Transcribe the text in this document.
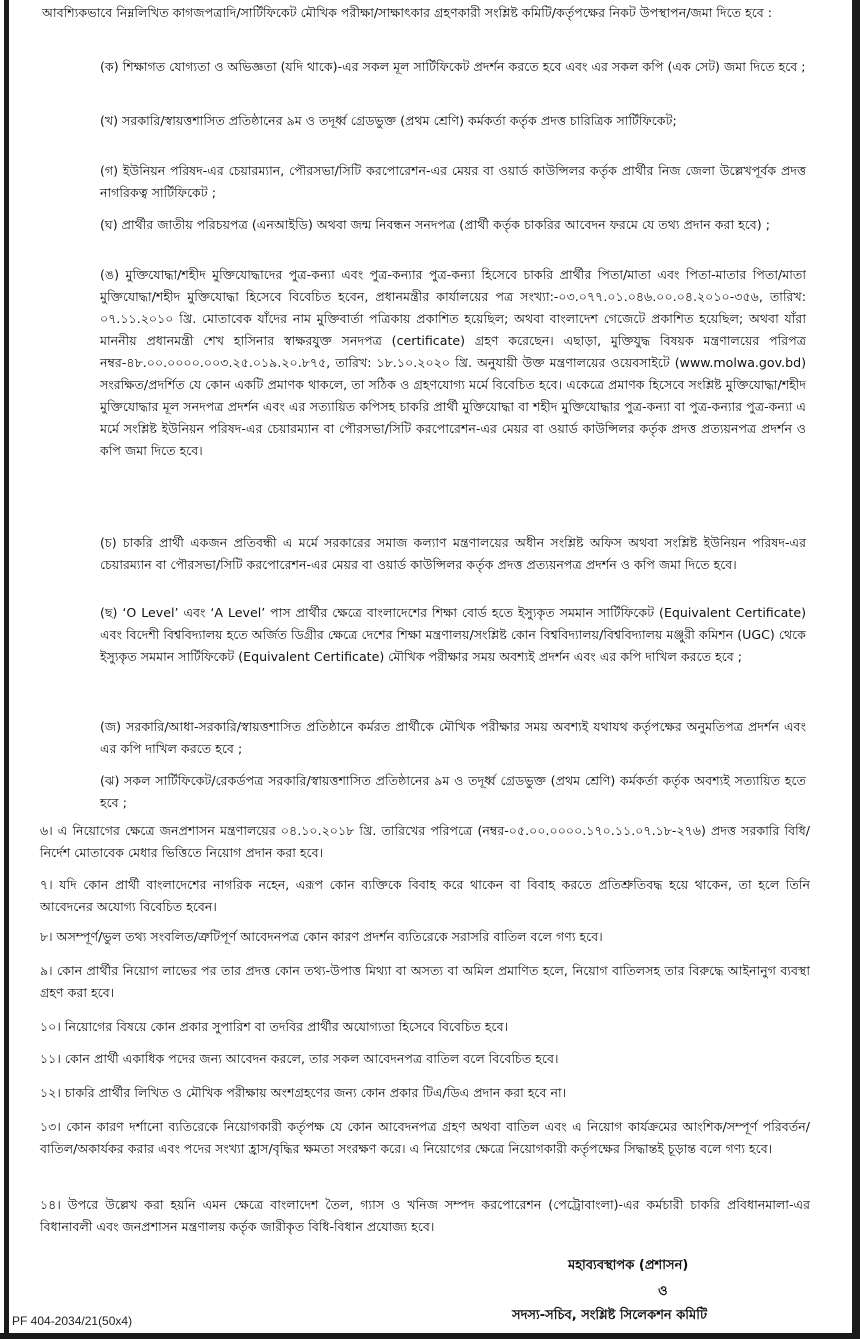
আবশ্যিকভাবে নিম্নলিখিত কাগজপত্রাদি/সার্টিফিকেট মৌখিক পরীক্ষা/সাক্ষাৎকার গ্রহণকারী সংশ্লিষ্ট কমিটি/কর্তৃপক্ষের নিকট উপস্থাপন/জমা দিতে হবে :

(ক) শিক্ষাগত যোগ্যতা ও অভিজ্ঞতা (যদি থাকে)-এর সকল মূল সার্টিফিকেট প্রদর্শন করতে হবে এবং এর সকল কপি (এক সেট) জমা দিতে হবে ;

(খ) সরকারি/স্বায়ত্তশাসিত প্রতিষ্ঠানের ৯ম ও তদূর্ধ্ব গ্রেডভুক্ত (প্রথম শ্রেণি) কর্মকর্তা কর্তৃক প্রদত্ত চারিত্রিক সার্টিফিকেট;

(গ) ইউনিয়ন পরিষদ-এর চেয়ারম্যান, পৌরসভা/সিটি করপোরেশন-এর মেয়র বা ওয়ার্ড কাউন্সিলর কর্তৃক প্রার্থীর নিজ জেলা উল্লেখপূর্বক প্রদত্ত নাগরিকত্ব সার্টিফিকেট ;

(ঘ) প্রার্থীর জাতীয় পরিচয়পত্র (এনআইডি) অথবা জন্ম নিবন্ধন সনদপত্র (প্রার্থী কর্তৃক চাকরির আবেদন ফরমে যে তথ্য প্রদান করা হবে) ;

(ঙ) মুক্তিযোদ্ধা/শহীদ মুক্তিযোদ্ধাদের পুত্র-কন্যা এবং পুত্র-কন্যার পুত্র-কন্যা হিসেবে চাকরি প্রার্থীর পিতা/মাতা এবং পিতা-মাতার পিতা/মাতা মুক্তিযোদ্ধা/শহীদ মুক্তিযোদ্ধা হিসেবে বিবেচিত হবেন, প্রধানমন্ত্রীর কার্যালয়ের পত্র সংখ্যা:-০৩.০৭৭.০১.০৪৬.০০.০৪.২০১০-৩৫৬, তারিখ: ০৭.১১.২০১০ খ্রি. মোতাবেক যাঁদের নাম মুক্তিবার্তা পত্রিকায় প্রকাশিত হয়েছিল; অথবা বাংলাদেশ গেজেটে প্রকাশিত হয়েছিল; অথবা যাঁরা মাননীয় প্রধানমন্ত্রী শেখ হাসিনার স্বাক্ষরযুক্ত সনদপত্র (certificate) গ্রহণ করেছেন। এছাড়া, মুক্তিযুদ্ধ বিষয়ক মন্ত্রণালয়ের পরিপত্র নম্বর-৪৮.০০.০০০০.০০৩.২৫.০১৯.২০.৮৭৫, তারিখ: ১৮.১০.২০২০ খ্রি. অনুযায়ী উক্ত মন্ত্রণালয়ের ওয়েবসাইটে (www.molwa.gov.bd) সংরক্ষিত/প্রদর্শিত যে কোন একটি প্রমাণক থাকলে, তা সঠিক ও গ্রহণযোগ্য মর্মে বিবেচিত হবে। একেত্রে প্রমাণক হিসেবে সংশ্লিষ্ট মুক্তিযোদ্ধা/শহীদ মুক্তিযোদ্ধার মূল সনদপত্র প্রদর্শন এবং এর সত্যায়িত কপিসহ চাকরি প্রার্থী মুক্তিযোদ্ধা বা শহীদ মুক্তিযোদ্ধার পুত্র-কন্যা বা পুত্র-কন্যার পুত্র-কন্যা এ মর্মে সংশ্লিষ্ট ইউনিয়ন পরিষদ-এর চেয়ারম্যান বা পৌরসভা/সিটি করপোরেশন-এর মেয়র বা ওয়ার্ড কাউন্সিলর কর্তৃক প্রদত্ত প্রত্যয়নপত্র প্রদর্শন ও কপি জমা দিতে হবে।

(চ) চাকরি প্রার্থী একজন প্রতিবন্ধী এ মর্মে সরকারের সমাজ কল্যাণ মন্ত্রণালয়ের অধীন সংশ্লিষ্ট অফিস অথবা সংশ্লিষ্ট ইউনিয়ন পরিষদ-এর চেয়ারম্যান বা পৌরসভা/সিটি করপোরেশন-এর মেয়র বা ওয়ার্ড কাউন্সিলর কর্তৃক প্রদত্ত প্রত্যয়নপত্র প্রদর্শন ও কপি জমা দিতে হবে।

(ছ) ‘O Level’ এবং ‘A Level’ পাস প্রার্থীর ক্ষেত্রে বাংলাদেশের শিক্ষা বোর্ড হতে ইস্যুকৃত সমমান সার্টিফিকেট (Equivalent Certificate) এবং বিদেশী বিশ্ববিদ্যালয় হতে অর্জিত ডিগ্রীর ক্ষেত্রে দেশের শিক্ষা মন্ত্রণালয়/সংশ্লিষ্ট কোন বিশ্ববিদ্যালয়/বিশ্ববিদ্যালয় মঞ্জুরী কমিশন (UGC) থেকে ইস্যুকৃত সমমান সার্টিফিকেট (Equivalent Certificate) মৌখিক পরীক্ষার সময় অবশ্যই প্রদর্শন এবং এর কপি দাখিল করতে হবে ;

(জ) সরকারি/আধা-সরকারি/স্বায়ত্তশাসিত প্রতিষ্ঠানে কর্মরত প্রার্থীকে মৌখিক পরীক্ষার সময় অবশ্যই যথাযথ কর্তৃপক্ষের অনুমতিপত্র প্রদর্শন এবং এর কপি দাখিল করতে হবে ;

(ঝ) সকল সার্টিফিকেট/রেকর্ডপত্র সরকারি/স্বায়ত্তশাসিত প্রতিষ্ঠানের ৯ম ও তদূর্ধ্ব গ্রেডভুক্ত (প্রথম শ্রেণি) কর্মকর্তা কর্তৃক অবশ্যই সত্যায়িত হতে হবে ;

৬। এ নিয়োগের ক্ষেত্রে জনপ্রশাসন মন্ত্রণালয়ের ০৪.১০.২০১৮ খ্রি. তারিখের পরিপত্রে (নম্বর-০৫.০০.০০০০.১৭০.১১.০৭.১৮-২৭৬) প্রদত্ত সরকারি বিধি/নির্দেশ মোতাবেক মেধার ভিত্তিতে নিয়োগ প্রদান করা হবে।

৭। যদি কোন প্রার্থী বাংলাদেশের নাগরিক নহেন, এরূপ কোন ব্যক্তিকে বিবাহ করে থাকেন বা বিবাহ করতে প্রতিশ্রুতিবদ্ধ হয়ে থাকেন, তা হলে তিনি আবেদনের অযোগ্য বিবেচিত হবেন।

৮। অসম্পূর্ণ/ভুল তথ্য সংবলিত/ত্রুটিপূর্ণ আবেদনপত্র কোন কারণ প্রদর্শন ব্যতিরেকে সরাসরি বাতিল বলে গণ্য হবে।

৯। কোন প্রার্থীর নিয়োগ লাভের পর তার প্রদত্ত কোন তথ্য-উপাত্ত মিথ্যা বা অসত্য বা অমিল প্রমাণিত হলে, নিয়োগ বাতিলসহ তার বিরুদ্ধে আইনানুগ ব্যবস্থা গ্রহণ করা হবে।

১০। নিয়োগের বিষয়ে কোন প্রকার সুপারিশ বা তদবির প্রার্থীর অযোগ্যতা হিসেবে বিবেচিত হবে।

১১। কোন প্রার্থী একাধিক পদের জন্য আবেদন করলে, তার সকল আবেদনপত্র বাতিল বলে বিবেচিত হবে।

১২। চাকরি প্রার্থীর লিখিত ও মৌখিক পরীক্ষায় অংশগ্রহণের জন্য কোন প্রকার টিএ/ডিএ প্রদান করা হবে না।

১৩। কোন কারণ দর্শানো ব্যতিরেকে নিয়োগকারী কর্তৃপক্ষ যে কোন আবেদনপত্র গ্রহণ অথবা বাতিল এবং এ নিয়োগ কার্যক্রমের আংশিক/সম্পূর্ণ পরিবর্তন/বাতিল/অকার্যকর করার এবং পদের সংখ্যা হ্রাস/বৃদ্ধির ক্ষমতা সংরক্ষণ করে। এ নিয়োগের ক্ষেত্রে নিয়োগকারী কর্তৃপক্ষের সিদ্ধান্তই চূড়ান্ত বলে গণ্য হবে।

১৪। উপরে উল্লেখ করা হয়নি এমন ক্ষেত্রে বাংলাদেশ তৈল, গ্যাস ও খনিজ সম্পদ করপোরেশন (পেট্রোবাংলা)-এর কর্মচারী চাকরি প্রবিধানমালা-এর বিধানাবলী এবং জনপ্রশাসন মন্ত্রণালয় কর্তৃক জারীকৃত বিধি-বিধান প্রযোজ্য হবে।

মহাব্যবস্থাপক (প্রশাসন)

ও

সদস্য-সচিব, সংশ্লিষ্ট সিলেকশন কমিটি

PF 404-2034/21(50x4)
